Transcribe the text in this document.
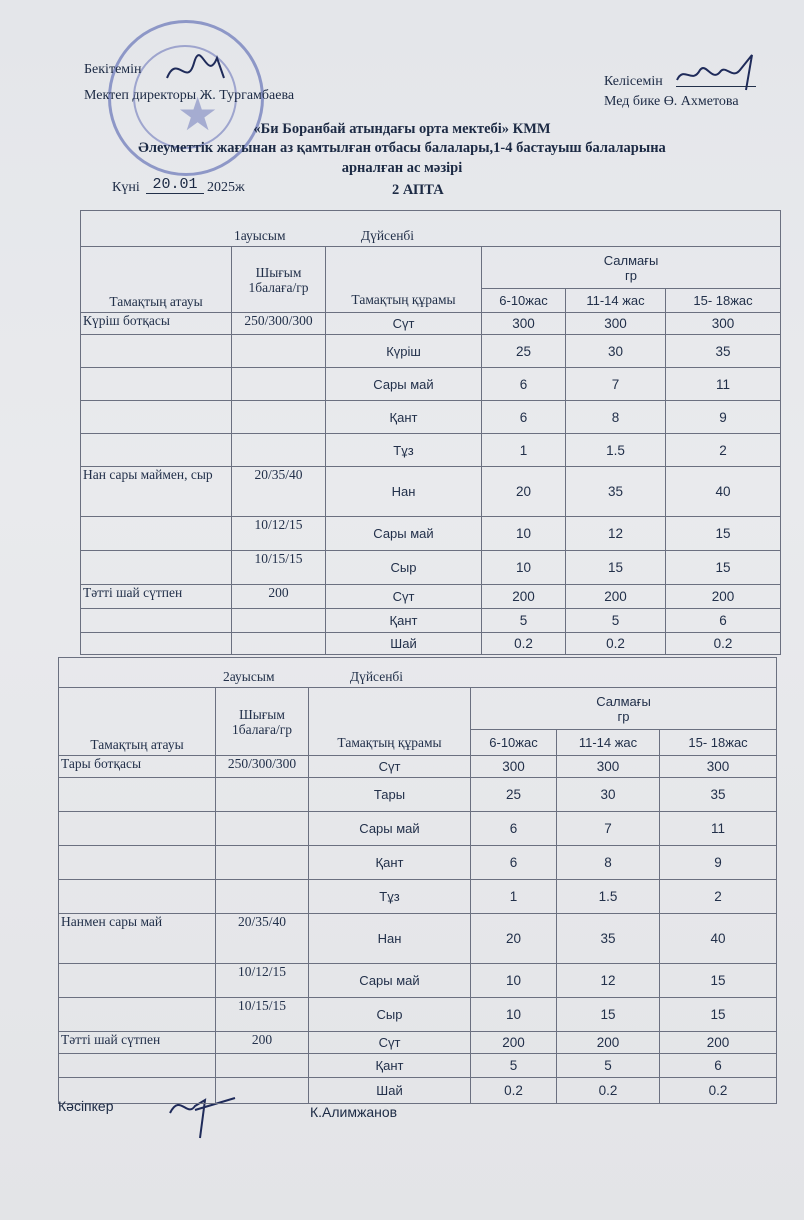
★
Бекітемін
Мектеп директоры Ж. Тургамбаева
Келісемін
Мед бике Ө. Ахметова
«Би Боранбай атындағы орта мектебі» КММ
Әлеуметтік жағынан аз қамтылған отбасы балалары,1-4 бастауыш балаларына
арналған ас мәзірі
Күні 20.01 2025ж	2 АПТА
1ауысым Дүйсенбі					
Тамақтың атауы	Шығым 1балаға/гр	Тамақтың құрамы	Салмағы
гр		

			6-10жас	11-14 жас	15- 18жас
Күріш ботқасы	250/300/300	Сүт	300	300	300
		Күріш	25	30	35
		Сары май	6	7	11
		Қант	6	8	9
		Тұз	1	1.5	2
Нан сары маймен, сыр	20/35/40	Нан	20	35	40
	10/12/15	Сары май	10	12	15
	10/15/15	Сыр	10	15	15
Тәтті шай сүтпен	200	Сүт	200	200	200
		Қант	5	5	6
		Шай	0.2	0.2	0.2
2ауысым Дүйсенбі					
Тамақтың атауы	Шығым 1балаға/гр	Тамақтың құрамы	Салмағы
гр		

			6-10жас	11-14 жас	15- 18жас
Тары ботқасы	250/300/300	Сүт	300	300	300
		Тары	25	30	35
		Сары май	6	7	11
		Қант	6	8	9
		Тұз	1	1.5	2
Нанмен сары май	20/35/40	Нан	20	35	40
	10/12/15	Сары май	10	12	15
	10/15/15	Сыр	10	15	15
Тәтті шай сүтпен	200	Сүт	200	200	200
		Қант	5	5	6
		Шай	0.2	0.2	0.2
Кәсіпкер	К.Алимжанов
